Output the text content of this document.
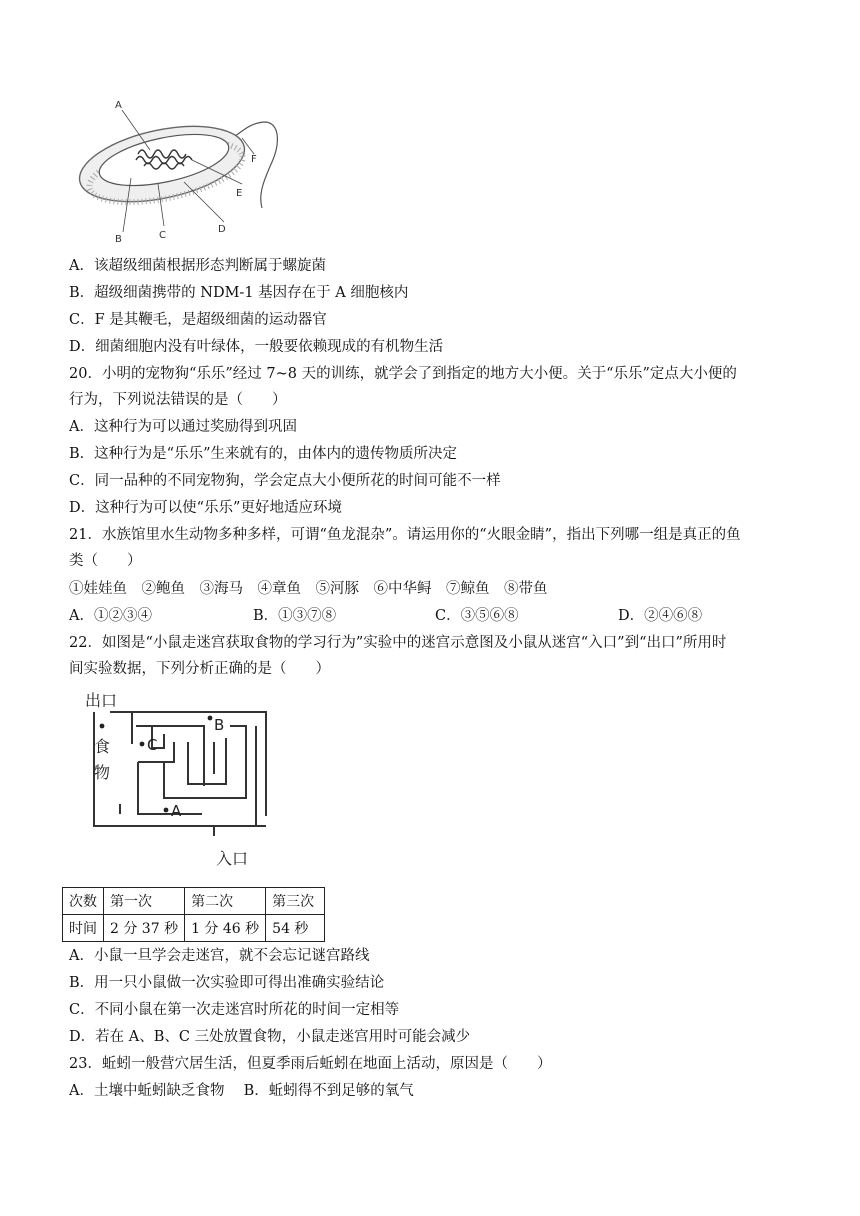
A
B	C
D
E
F
A．该超级细菌根据形态判断属于螺旋菌
B．超级细菌携带的 NDM-1 基因存在于 A 细胞核内
C．F 是其鞭毛，是超级细菌的运动器官
D．细菌细胞内没有叶绿体，一般要依赖现成的有机物生活
20．小明的宠物狗“乐乐”经过 7~8 天的训练，就学会了到指定的地方大小便。关于“乐乐”定点大小便的
行为，下列说法错误的是（　　）
A．这种行为可以通过奖励得到巩固
B．这种行为是“乐乐”生来就有的，由体内的遗传物质所决定
C．同一品种的不同宠物狗，学会定点大小便所花的时间可能不一样
D．这种行为可以使“乐乐”更好地适应环境
21．水族馆里水生动物多种多样，可谓“鱼龙混杂”。请运用你的“火眼金睛”，指出下列哪一组是真正的鱼
类（　　）
①娃娃鱼　②鲍鱼　③海马　④章鱼　⑤河豚　⑥中华鲟　⑦鲸鱼　⑧带鱼
A．①②③④	B．①③⑦⑧	C．③⑤⑥⑧	D．②④⑥⑧
22．如图是“小鼠走迷宫获取食物的学习行为”实验中的迷宫示意图及小鼠从迷宫“入口”到“出口”所用时
间实验数据，下列分析正确的是（　　）
出口
食
物
A
B
C
入口
次数	第一次	第二次	第三次
时间	2 分 37 秒	1 分 46 秒	54 秒
A．小鼠一旦学会走迷宫，就不会忘记谜宫路线
B．用一只小鼠做一次实验即可得出准确实验结论
C．不同小鼠在第一次走迷宫时所花的时间一定相等
D．若在 A、B、C 三处放置食物，小鼠走迷宫用时可能会减少
23．蚯蚓一般营穴居生活，但夏季雨后蚯蚓在地面上活动，原因是（　　）
A．土壤中蚯蚓缺乏食物　 B．蚯蚓得不到足够的氧气
